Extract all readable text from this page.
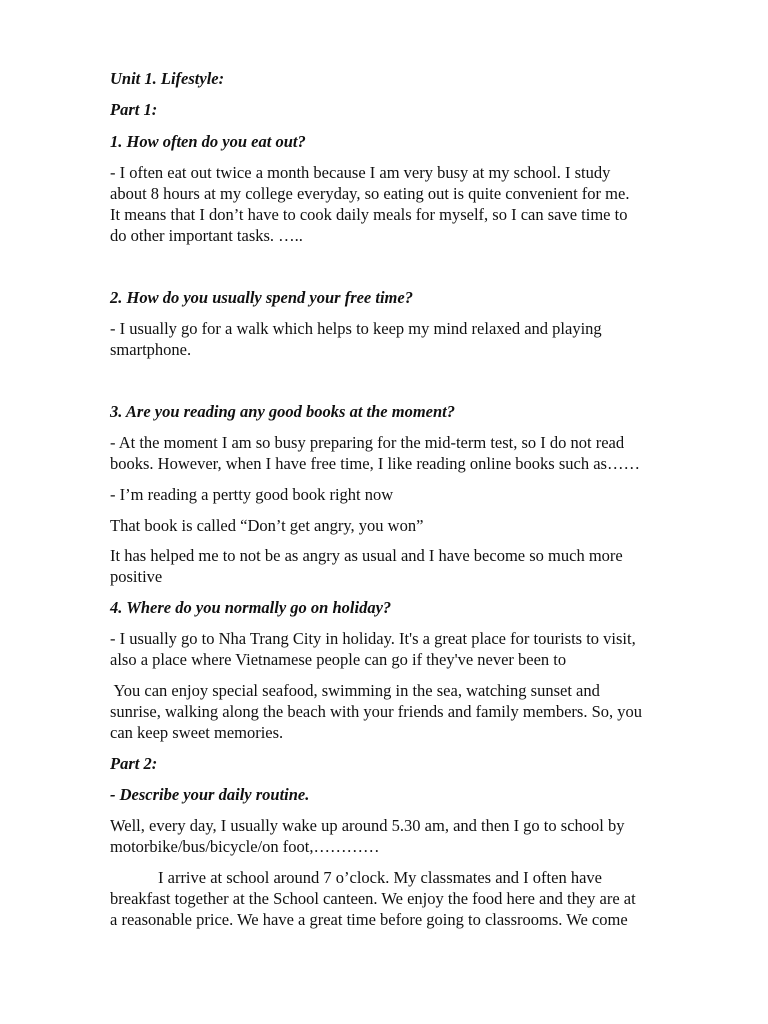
Unit 1. Lifestyle:

Part 1:

1. How often do you eat out?

- I often eat out twice a month because I am very busy at my school. I study

about 8 hours at my college everyday, so eating out is quite convenient for me.

It means that I don’t have to cook daily meals for myself, so I can save time to

do other important tasks. …..

2. How do you usually spend your free time?

- I usually go for a walk which helps to keep my mind relaxed and playing

smartphone.

3. Are you reading any good books at the moment?

- At the moment I am so busy preparing for the mid-term test, so I do not read

books. However, when I have free time, I like reading online books such as……

- I’m reading a pertty good book right now

That book is called “Don’t get angry, you won”

It has helped me to not be as angry as usual and I have become so much more

positive

4. Where do you normally go on holiday?

- I usually go to Nha Trang City in holiday. It's a great place for tourists to visit,

also a place where Vietnamese people can go if they've never been to

You can enjoy special seafood, swimming in the sea, watching sunset and

sunrise, walking along the beach with your friends and family members. So, you

can keep sweet memories.

Part 2:

- Describe your daily routine.

Well, every day, I usually wake up around 5.30 am, and then I go to school by

motorbike/bus/bicycle/on foot,…………

I arrive at school around 7 o’clock. My classmates and I often have

breakfast together at the School canteen. We enjoy the food here and they are at

a reasonable price. We have a great time before going to classrooms. We come
